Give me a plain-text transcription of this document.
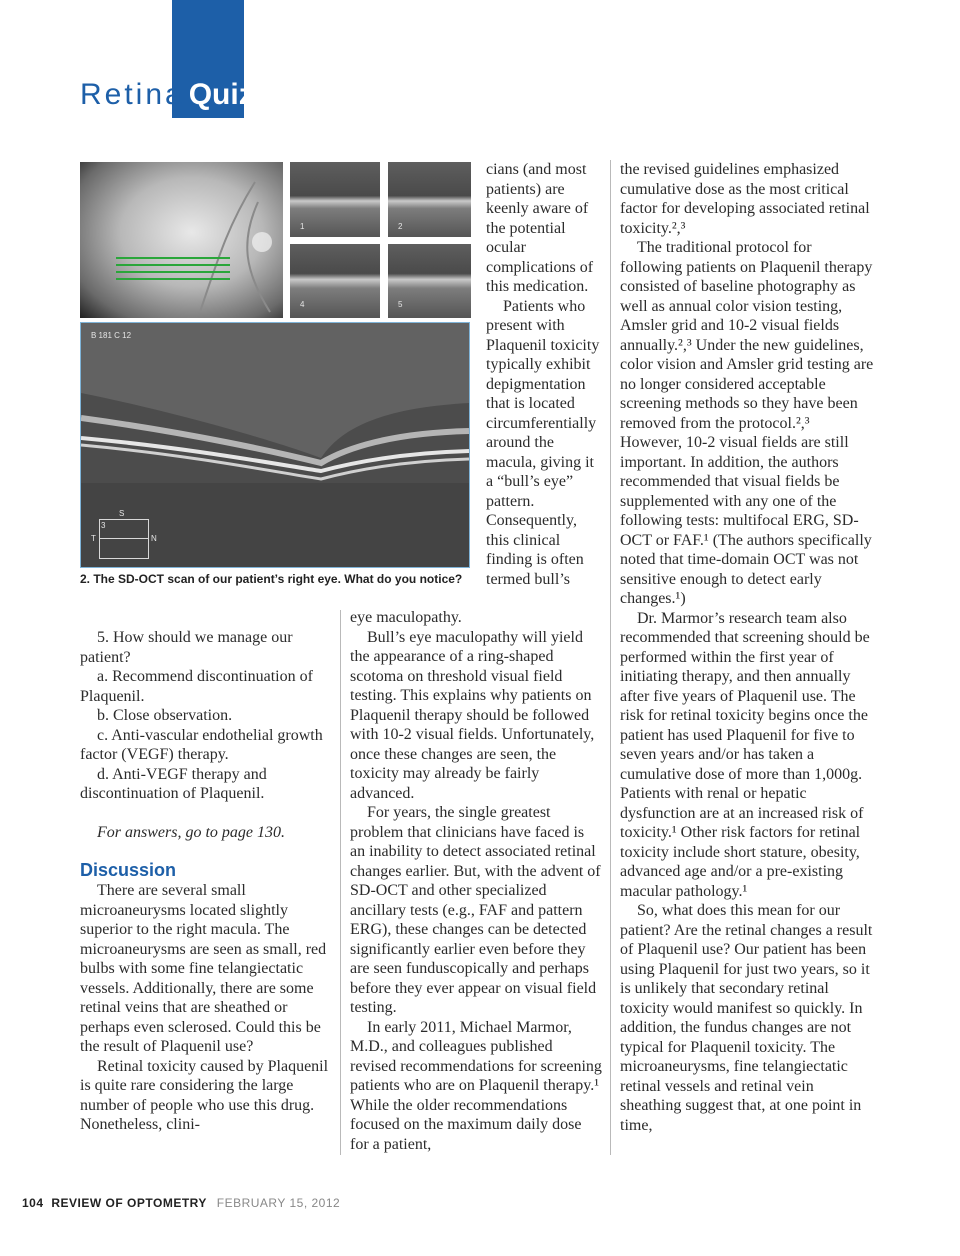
Retina Quiz
1	2
4	5
B 181 C 12
3
S
T	N
2. The SD-OCT scan of our patient’s right eye. What do you notice?

cians (and most patients) are keenly aware of the potential ocular complications of this medication.

Patients who present with Plaquenil toxicity typically exhibit depigmentation that is located circumferentially around the macula, giving it a “bull’s eye” pattern. Consequently, this clinical finding is often termed bull’s

5. How should we manage our patient?

a. Recommend discontinuation of Plaquenil.

b. Close observation.

c. Anti-vascular endothelial growth factor (VEGF) therapy.

d. Anti-VEGF therapy and discontinuation of Plaquenil.

For answers, go to page 130.

Discussion

There are several small microaneurysms located slightly superior to the right macula. The microaneurysms are seen as small, red bulbs with some fine telangiectatic vessels. Additionally, there are some retinal veins that are sheathed or perhaps even sclerosed. Could this be the result of Plaquenil use?

Retinal toxicity caused by Plaquenil is quite rare considering the large number of people who use this drug. Nonetheless, clini-

eye maculopathy.

Bull’s eye maculopathy will yield the appearance of a ring-shaped scotoma on threshold visual field testing. This explains why patients on Plaquenil therapy should be followed with 10-2 visual fields. Unfortunately, once these changes are seen, the toxicity may already be fairly advanced.

For years, the single greatest problem that clinicians have faced is an inability to detect associated retinal changes earlier. But, with the advent of SD-OCT and other specialized ancillary tests (e.g., FAF and pattern ERG), these changes can be detected significantly earlier even before they are seen funduscopically and perhaps before they ever appear on visual field testing.

In early 2011, Michael Marmor, M.D., and colleagues published revised recommendations for screening patients who are on Plaquenil therapy.¹ While the older recommendations focused on the maximum daily dose for a patient,

the revised guidelines emphasized cumulative dose as the most critical factor for developing associated retinal toxicity.²,³

The traditional protocol for following patients on Plaquenil therapy consisted of baseline photography as well as annual color vision testing, Amsler grid and 10-2 visual fields annually.²,³ Under the new guidelines, color vision and Amsler grid testing are no longer considered acceptable screening methods so they have been removed from the protocol.²,³ However, 10-2 visual fields are still important. In addition, the authors recommended that visual fields be supplemented with any one of the following tests: multifocal ERG, SD-OCT or FAF.¹ (The authors specifically noted that time-domain OCT was not sensitive enough to detect early changes.¹)

Dr. Marmor’s research team also recommended that screening should be performed within the first year of initiating therapy, and then annually after five years of Plaquenil use. The risk for retinal toxicity begins once the patient has used Plaquenil for five to seven years and/or has taken a cumulative dose of more than 1,000g. Patients with renal or hepatic dysfunction are at an increased risk of toxicity.¹ Other risk factors for retinal toxicity include short stature, obesity, advanced age and/or a pre-existing macular pathology.¹

So, what does this mean for our patient? Are the retinal changes a result of Plaquenil use? Our patient has been using Plaquenil for just two years, so it is unlikely that secondary retinal toxicity would manifest so quickly. In addition, the fundus changes are not typical for Plaquenil toxicity. The microaneurysms, fine telangiectatic retinal vessels and retinal vein sheathing suggest that, at one point in time,

104 REVIEW OF OPTOMETRY FEBRUARY 15, 2012
